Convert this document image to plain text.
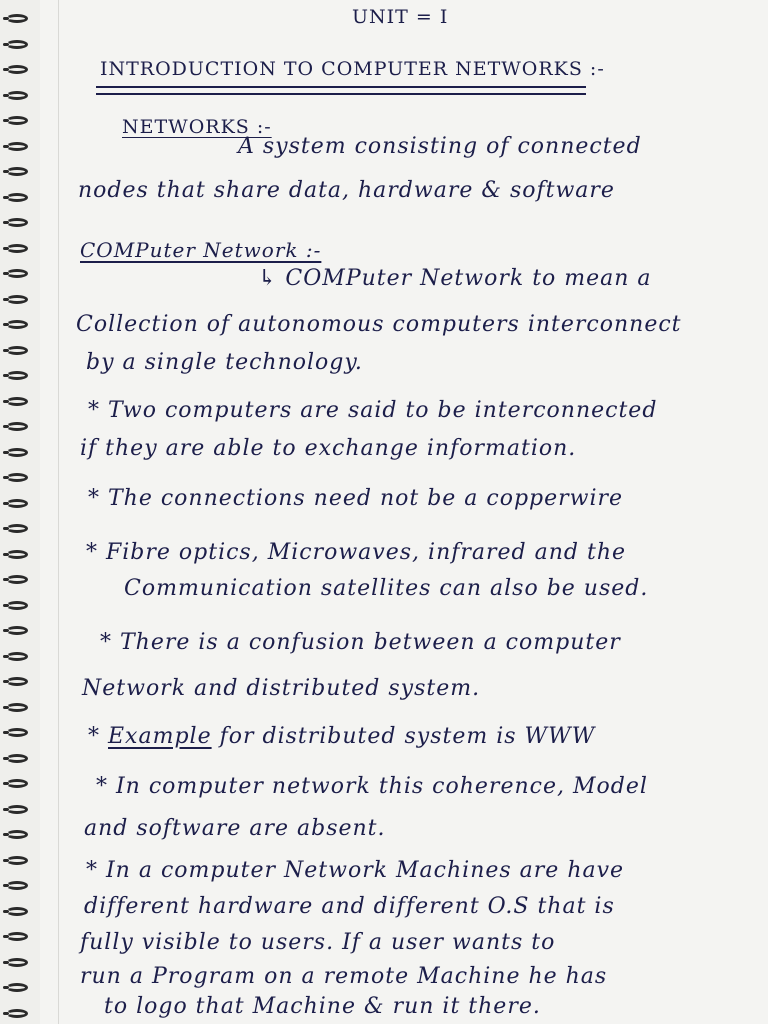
UNIT = I
INTRODUCTION TO COMPUTER NETWORKS :-
NETWORKS :-
A system consisting of connected
nodes that share data, hardware & software
COMPuter Network :-
↳ COMPuter Network to mean a
Collection of autonomous computers interconnect
by a single technology.
* Two computers are said to be interconnected
if they are able to exchange information.
* The connections need not be a copperwire
* Fibre optics, Microwaves, infrared and the
Communication satellites can also be used.
* There is a confusion between a computer
Network and distributed system.
* Example for distributed system is WWW
* In computer network this coherence, Model
and software are absent.
* In a computer Network Machines are have
different hardware and different O.S that is
fully visible to users. If a user wants to
run a Program on a remote Machine he has
to logo that Machine & run it there.
